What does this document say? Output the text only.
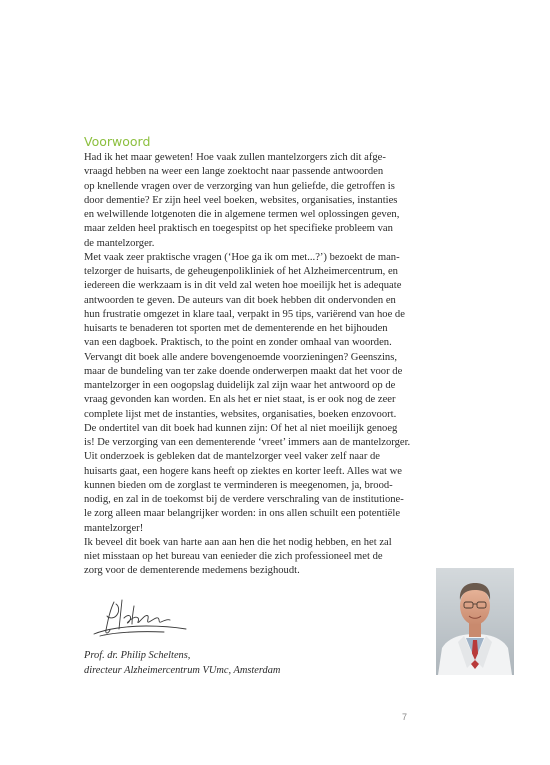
Voorwoord
Had ik het maar geweten! Hoe vaak zullen mantelzorgers zich dit afge-
vraagd hebben na weer een lange zoektocht naar passende antwoorden
op knellende vragen over de verzorging van hun geliefde, die getroffen is
door dementie? Er zijn heel veel boeken, websites, organisaties, instanties
en welwillende lotgenoten die in algemene termen wel oplossingen geven,
maar zelden heel praktisch en toegespitst op het specifieke probleem van
de mantelzorger.
Met vaak zeer praktische vragen (‘Hoe ga ik om met...?’) bezoekt de man-
telzorger de huisarts, de geheugenpolikliniek of het Alzheimercentrum, en
iedereen die werkzaam is in dit veld zal weten hoe moeilijk het is adequate
antwoorden te geven. De auteurs van dit boek hebben dit ondervonden en
hun frustratie omgezet in klare taal, verpakt in 95 tips, variërend van hoe de
huisarts te benaderen tot sporten met de dementerende en het bijhouden
van een dagboek. Praktisch, to the point en zonder omhaal van woorden.
Vervangt dit boek alle andere bovengenoemde voorzieningen? Geenszins,
maar de bundeling van ter zake doende onderwerpen maakt dat het voor de
mantelzorger in een oogopslag duidelijk zal zijn waar het antwoord op de
vraag gevonden kan worden. En als het er niet staat, is er ook nog de zeer
complete lijst met de instanties, websites, organisaties, boeken enzovoort.
De ondertitel van dit boek had kunnen zijn: Of het al niet moeilijk genoeg
is! De verzorging van een dementerende ‘vreet’ immers aan de mantelzorger.
Uit onderzoek is gebleken dat de mantelzorger veel vaker zelf naar de
huisarts gaat, een hogere kans heeft op ziektes en korter leeft. Alles wat we
kunnen bieden om de zorglast te verminderen is meegenomen, ja, brood-
nodig, en zal in de toekomst bij de verdere verschraling van de institutione-
le zorg alleen maar belangrijker worden: in ons allen schuilt een potentiële
mantelzorger!
Ik beveel dit boek van harte aan aan hen die het nodig hebben, en het zal
niet misstaan op het bureau van eenieder die zich professioneel met de
zorg voor de dementerende medemens bezighoudt.
Prof. dr. Philip Scheltens,
directeur Alzheimercentrum VUmc, Amsterdam
7
